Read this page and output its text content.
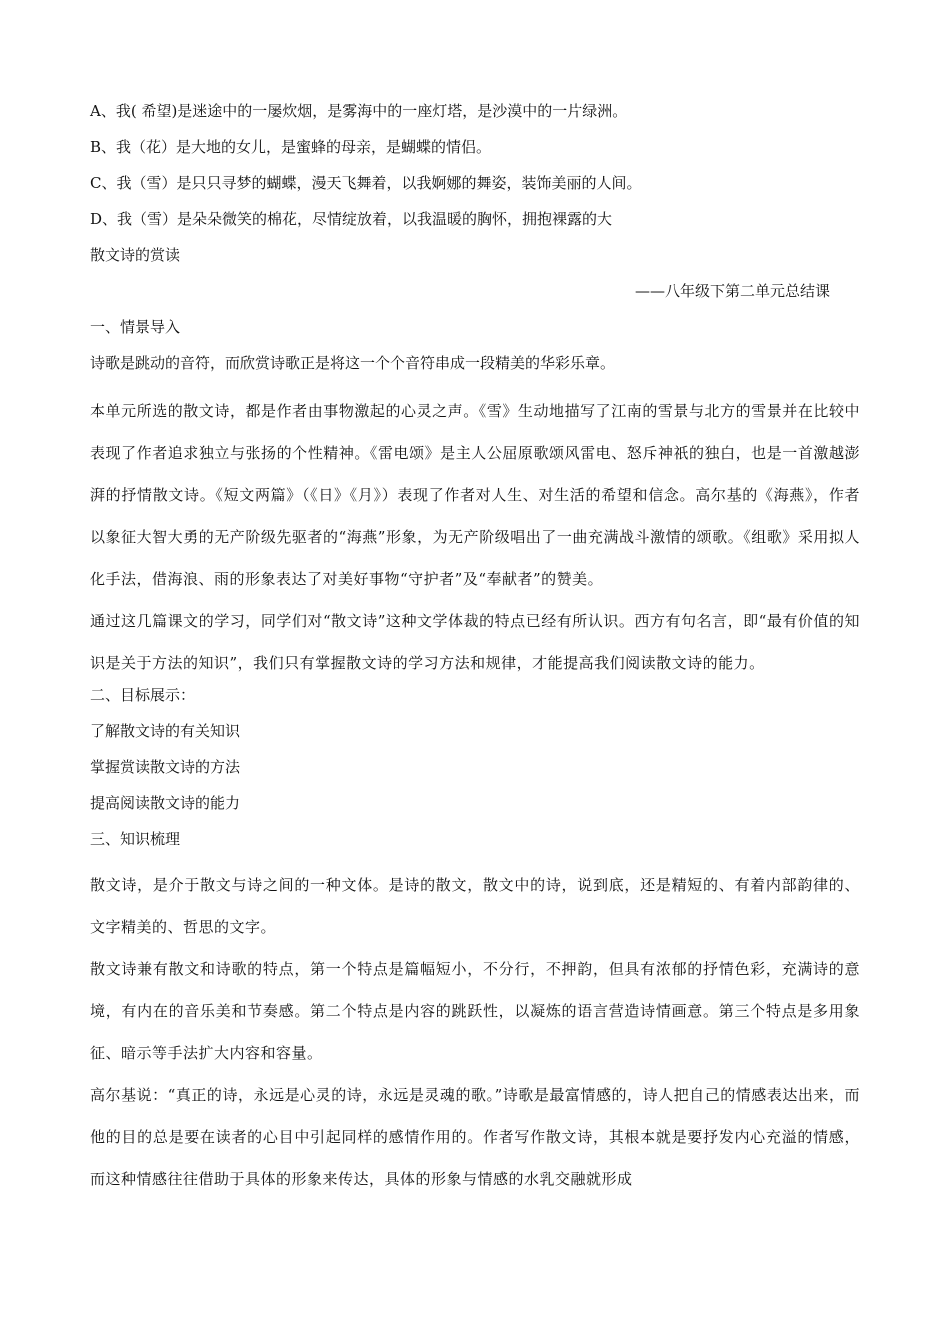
A、我( 希望)是迷途中的一屡炊烟，是雾海中的一座灯塔，是沙漠中的一片绿洲。

B、我（花）是大地的女儿，是蜜蜂的母亲，是蝴蝶的情侣。

C、我（雪）是只只寻梦的蝴蝶，漫天飞舞着，以我婀娜的舞姿，装饰美丽的人间。

D、我（雪）是朵朵微笑的棉花，尽情绽放着，以我温暖的胸怀，拥抱裸露的大

散文诗的赏读

——八年级下第二单元总结课

一、情景导入

诗歌是跳动的音符，而欣赏诗歌正是将这一个个音符串成一段精美的华彩乐章。

本单元所选的散文诗，都是作者由事物激起的心灵之声。《雪》生动地描写了江南的雪景与北方的雪景并在比较中表现了作者追求独立与张扬的个性精神。《雷电颂》是主人公屈原歌颂风雷电、怒斥神祇的独白，也是一首激越澎湃的抒情散文诗。《短文两篇》（《日》《月》）表现了作者对人生、对生活的希望和信念。高尔基的《海燕》，作者以象征大智大勇的无产阶级先驱者的“海燕”形象，为无产阶级唱出了一曲充满战斗激情的颂歌。《组歌》采用拟人化手法，借海浪、雨的形象表达了对美好事物“守护者”及“奉献者”的赞美。

通过这几篇课文的学习，同学们对“散文诗”这种文学体裁的特点已经有所认识。西方有句名言，即“最有价值的知识是关于方法的知识”，我们只有掌握散文诗的学习方法和规律，才能提高我们阅读散文诗的能力。

二、目标展示：

了解散文诗的有关知识

掌握赏读散文诗的方法

提高阅读散文诗的能力

三、知识梳理

散文诗，是介于散文与诗之间的一种文体。是诗的散文，散文中的诗，说到底，还是精短的、有着内部韵律的、文字精美的、哲思的文字。

散文诗兼有散文和诗歌的特点，第一个特点是篇幅短小，不分行，不押韵，但具有浓郁的抒情色彩，充满诗的意境，有内在的音乐美和节奏感。第二个特点是内容的跳跃性，以凝炼的语言营造诗情画意。第三个特点是多用象征、暗示等手法扩大内容和容量。

高尔基说：“真正的诗，永远是心灵的诗，永远是灵魂的歌。”诗歌是最富情感的，诗人把自己的情感表达出来，而他的目的总是要在读者的心目中引起同样的感情作用的。作者写作散文诗，其根本就是要抒发内心充溢的情感，而这种情感往往借助于具体的形象来传达，具体的形象与情感的水乳交融就形成
